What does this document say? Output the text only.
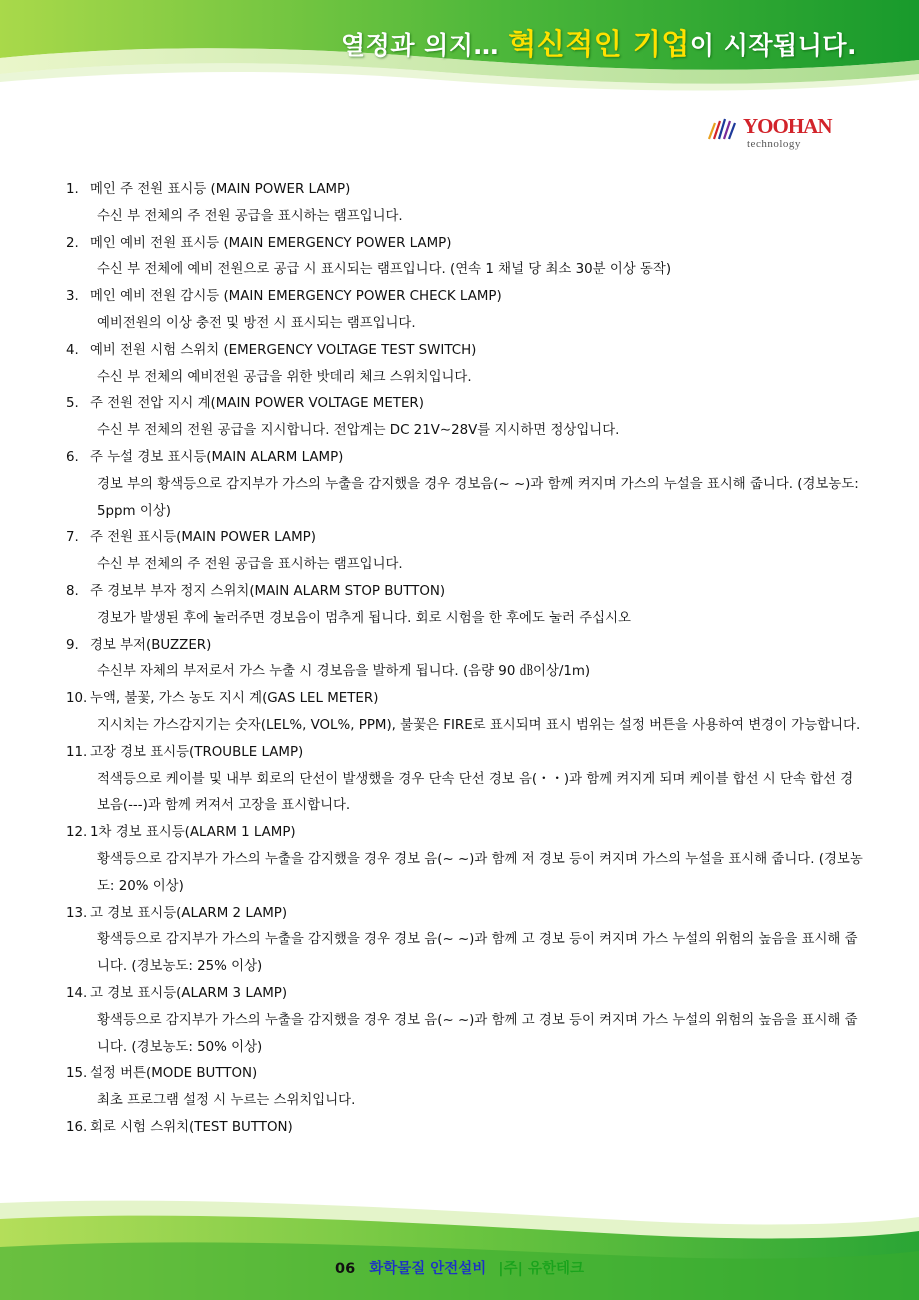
열정과 의지… 혁신적인 기업이 시작됩니다.
YOOHAN
technology
1. 메인 주 전원 표시등 (MAIN POWER LAMP)
수신 부 전체의 주 전원 공급을 표시하는 램프입니다.
2. 메인 예비 전원 표시등 (MAIN EMERGENCY POWER LAMP)
수신 부 전체에 예비 전원으로 공급 시 표시되는 램프입니다. (연속 1 채널 당 최소 30분 이상 동작)
3. 메인 예비 전원 감시등 (MAIN EMERGENCY POWER CHECK LAMP)
예비전원의 이상 충전 및 방전 시 표시되는 램프입니다.
4. 예비 전원 시험 스위치 (EMERGENCY VOLTAGE TEST SWITCH)
수신 부 전체의 예비전원 공급을 위한 밧데리 체크 스위치입니다.
5. 주 전원 전압 지시 계(MAIN POWER VOLTAGE METER)
수신 부 전체의 전원 공급을 지시합니다. 전압계는 DC 21V∼28V를 지시하면 정상입니다.
6. 주 누설 경보 표시등(MAIN ALARM LAMP)
경보 부의 황색등으로 감지부가 가스의 누출을 감지했을 경우 경보음(~ ~)과 함께 켜지며 가스의 누설을 표시해 줍니다. (경보농도: 5ppm 이상)
7. 주 전원 표시등(MAIN POWER LAMP)
수신 부 전체의 주 전원 공급을 표시하는 램프입니다.
8. 주 경보부 부자 정지 스위치(MAIN ALARM STOP BUTTON)
경보가 발생된 후에 눌러주면 경보음이 멈추게 됩니다. 회로 시험을 한 후에도 눌러 주십시오
9. 경보 부저(BUZZER)
수신부 자체의 부저로서 가스 누출 시 경보음을 발하게 됩니다. (음량 90 ㏈이상/1m)
10. 누액, 불꽃, 가스 농도 지시 계(GAS LEL METER)
지시치는 가스감지기는 숫자(LEL%, VOL%, PPM), 불꽃은 FIRE로 표시되며 표시 범위는 설정 버튼을 사용하여 변경이 가능합니다.
11. 고장 경보 표시등(TROUBLE LAMP)
적색등으로 케이블 및 내부 회로의 단선이 발생했을 경우 단속 단선 경보 음(・・)과 함께 켜지게 되며 케이블 합선 시 단속 합선 경보음(---)과 함께 켜져서 고장을 표시합니다.
12. 1차 경보 표시등(ALARM 1 LAMP)
황색등으로 감지부가 가스의 누출을 감지했을 경우 경보 음(~ ~)과 함께 저 경보 등이 켜지며 가스의 누설을 표시해 줍니다. (경보농도: 20% 이상)
13. 고 경보 표시등(ALARM 2 LAMP)
황색등으로 감지부가 가스의 누출을 감지했을 경우 경보 음(~ ~)과 함께 고 경보 등이 켜지며 가스 누설의 위험의 높음을 표시해 줍니다. (경보농도: 25% 이상)
14. 고 경보 표시등(ALARM 3 LAMP)
황색등으로 감지부가 가스의 누출을 감지했을 경우 경보 음(~ ~)과 함께 고 경보 등이 켜지며 가스 누설의 위험의 높음을 표시해 줍니다. (경보농도: 50% 이상)
15. 설정 버튼(MODE BUTTON)
최초 프로그램 설정 시 누르는 스위치입니다.
16. 회로 시험 스위치(TEST BUTTON)
06 화학물질 안전설비 |주| 유한테크
